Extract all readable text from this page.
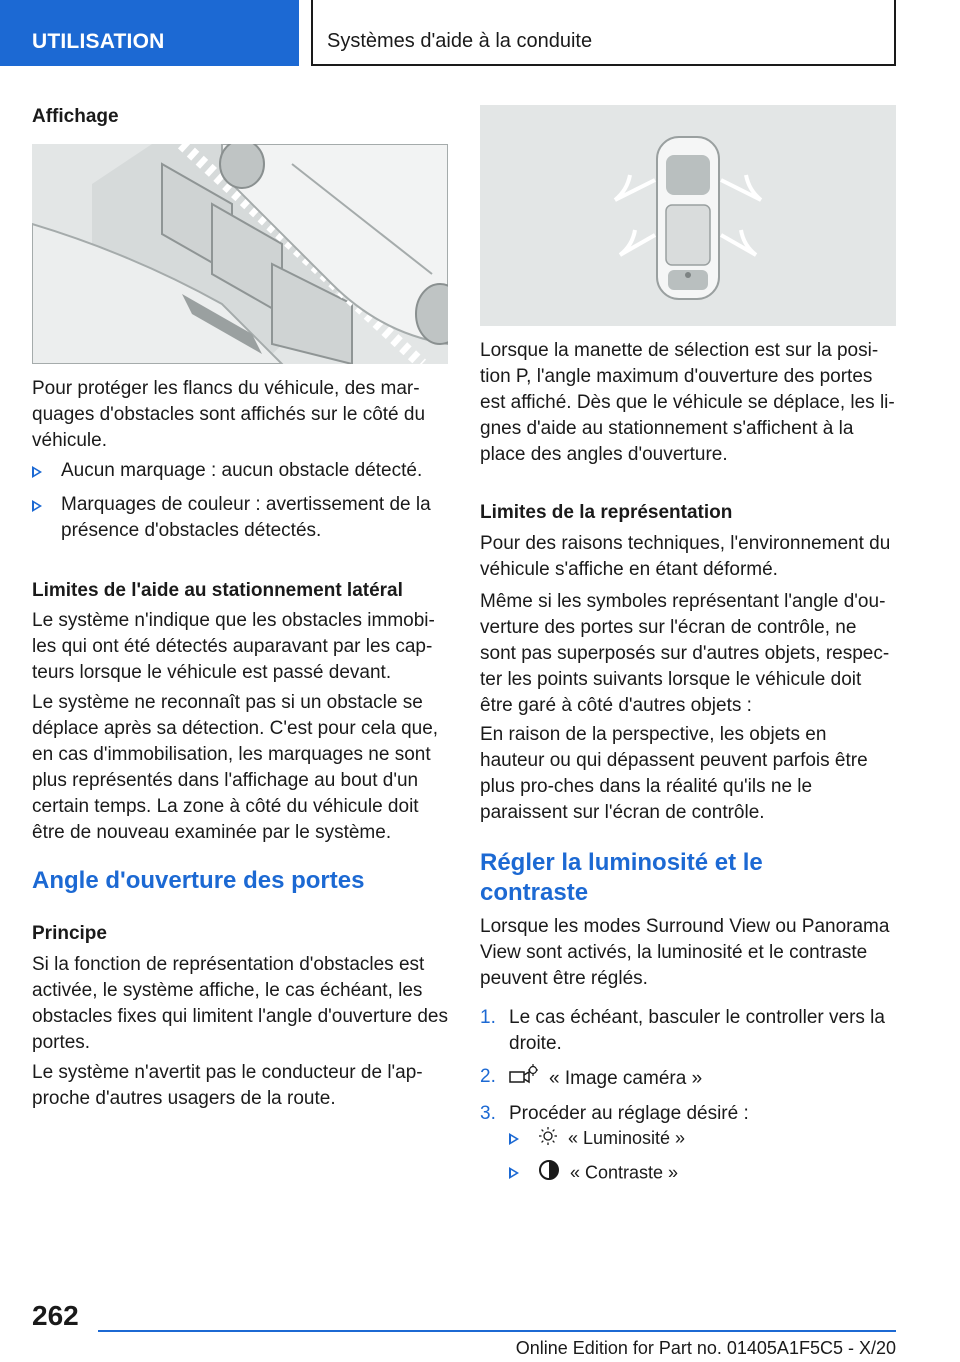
UTILISATION	Systèmes d'aide à la conduite
Affichage

Pour protéger les flancs du véhicule, des mar-quages d'obstacles sont affichés sur le côté du véhicule.

Aucun marquage : aucun obstacle détecté.
Marquages de couleur : avertissement de la présence d'obstacles détectés.
Limites de l'aide au stationnement latéral

Le système n'indique que les obstacles immobi-les qui ont été détectés auparavant par les cap-teurs lorsque le véhicule est passé devant.

Le système ne reconnaît pas si un obstacle se déplace après sa détection. C'est pour cela que, en cas d'immobilisation, les marquages ne sont plus représentés dans l'affichage au bout d'un certain temps. La zone à côté du véhicule doit être de nouveau examinée par le système.

Angle d'ouverture des portes
Principe

Si la fonction de représentation d'obstacles est activée, le système affiche, le cas échéant, les obstacles fixes qui limitent l'angle d'ouverture des portes.

Le système n'avertit pas le conducteur de l'ap-proche d'autres usagers de la route.

Lorsque la manette de sélection est sur la posi-tion P, l'angle maximum d'ouverture des portes est affiché. Dès que le véhicule se déplace, les li-gnes d'aide au stationnement s'affichent à la place des angles d'ouverture.

Limites de la représentation

Pour des raisons techniques, l'environnement du véhicule s'affiche en étant déformé.

Même si les symboles représentant l'angle d'ou-verture des portes sur l'écran de contrôle, ne sont pas superposés sur d'autres objets, respec-ter les points suivants lorsque le véhicule doit être garé à côté d'autres objets :

En raison de la perspective, les objets en hauteur ou qui dépassent peuvent parfois être plus pro-ches dans la réalité qu'ils ne le paraissent sur l'écran de contrôle.

Régler la luminosité et le
contraste

Lorsque les modes Surround View ou Panorama View sont activés, la luminosité et le contraste peuvent être réglés.

1. Le cas échéant, basculer le controller vers la droite.
2.	« Image caméra »
3. Procéder au réglage désiré :
« Luminosité »
« Contraste »
262
Online Edition for Part no. 01405A1F5C5 - X/20
